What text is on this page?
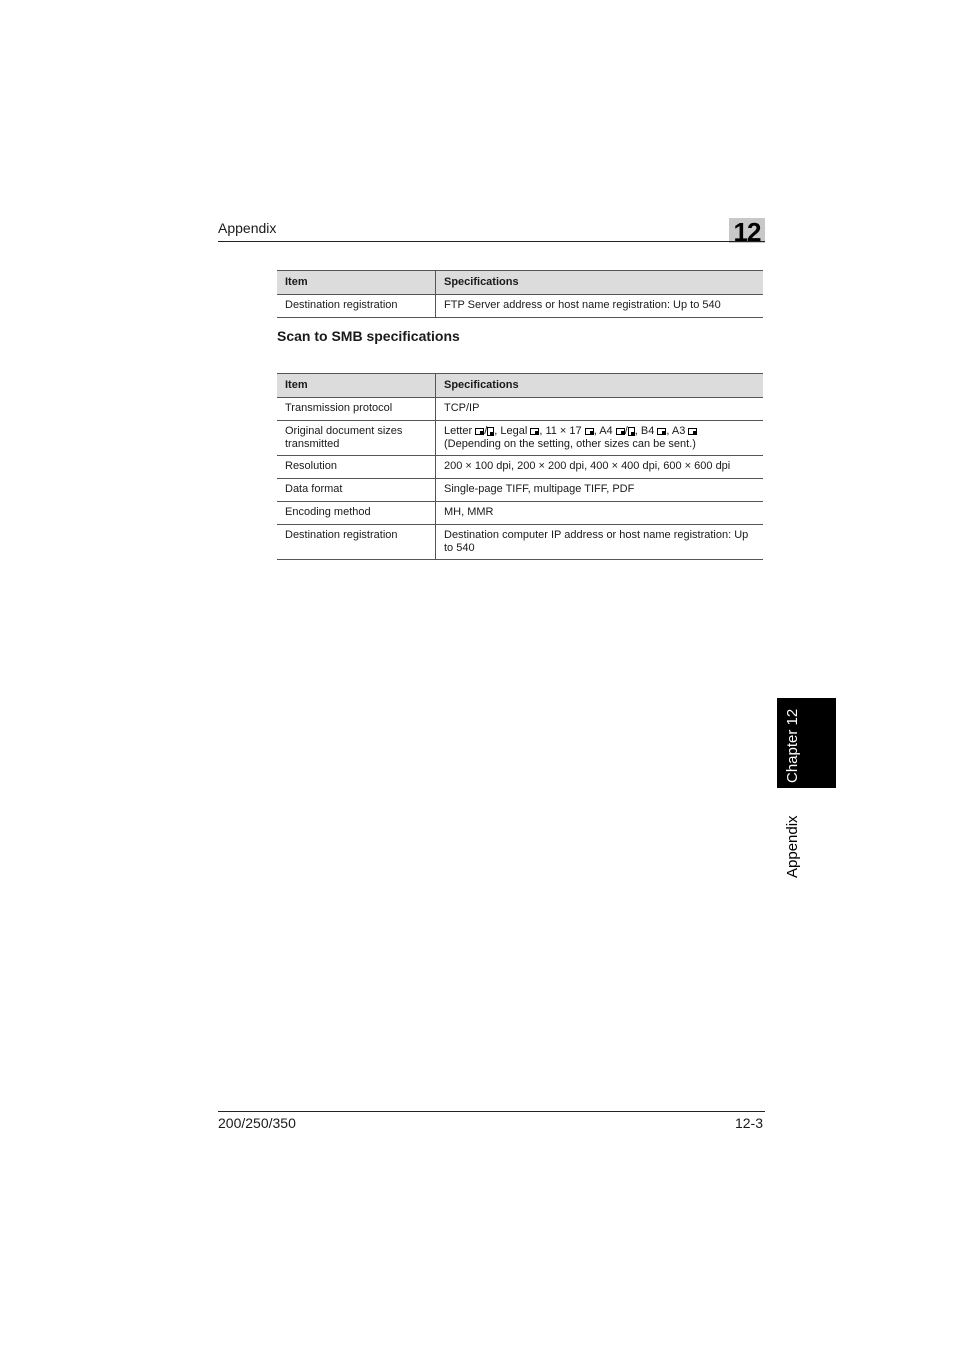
Appendix	12
Item	Specifications
Destination registration	FTP Server address or host name registration: Up to 540
Scan to SMB specifications
Item	Specifications
Transmission protocol	TCP/IP
Original document sizes transmitted	Letter / , Legal , 11 × 17 , A4 / , B4 , A3
(Depending on the setting, other sizes can be sent.)
Resolution	200 × 100 dpi, 200 × 200 dpi, 400 × 400 dpi, 600 × 600 dpi
Data format	Single-page TIFF, multipage TIFF, PDF
Encoding method	MH, MMR
Destination registration	Destination computer IP address or host name registration: Up to 540
Chapter 12
Appendix
200/250/350	12-3
